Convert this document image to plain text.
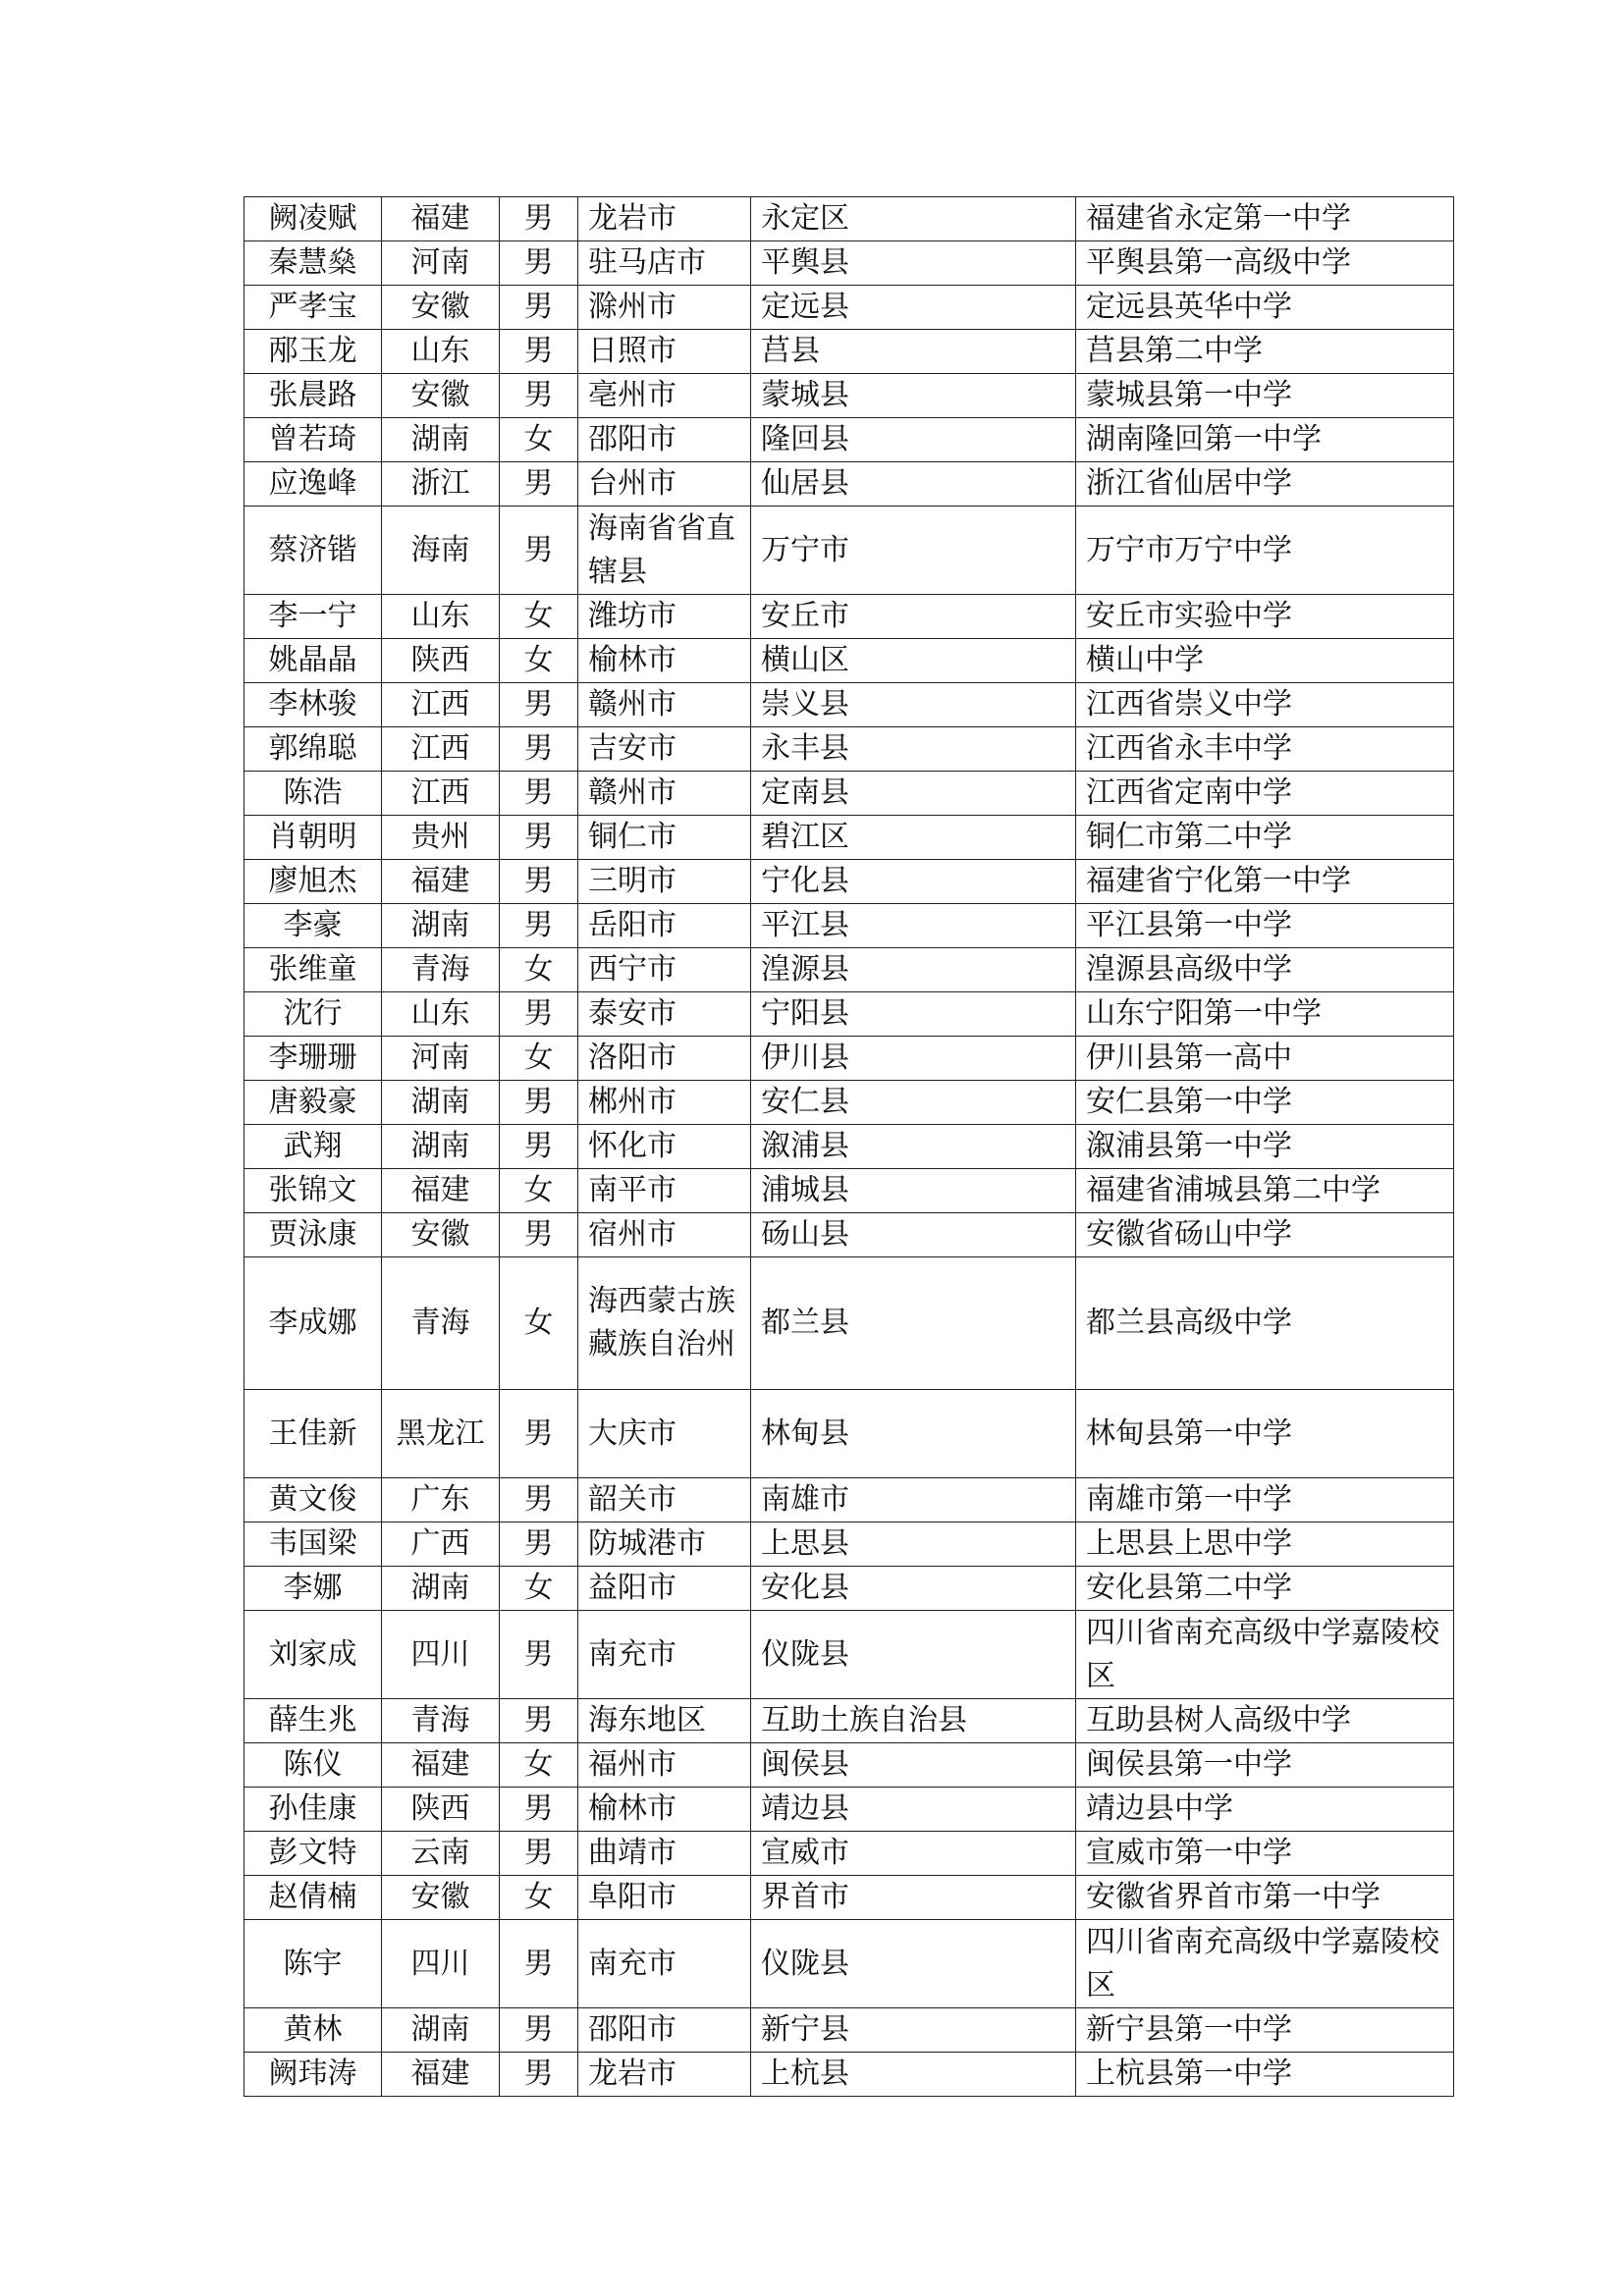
阙凌赋	福建	男	龙岩市	永定区	福建省永定第一中学
秦慧燊	河南	男	驻马店市	平舆县	平舆县第一高级中学
严孝宝	安徽	男	滁州市	定远县	定远县英华中学
邴玉龙	山东	男	日照市	莒县	莒县第二中学
张晨路	安徽	男	亳州市	蒙城县	蒙城县第一中学
曾若琦	湖南	女	邵阳市	隆回县	湖南隆回第一中学
应逸峰	浙江	男	台州市	仙居县	浙江省仙居中学
蔡济锴	海南	男	海南省省直辖县	万宁市	万宁市万宁中学
李一宁	山东	女	潍坊市	安丘市	安丘市实验中学
姚晶晶	陕西	女	榆林市	横山区	横山中学
李林骏	江西	男	赣州市	崇义县	江西省崇义中学
郭绵聪	江西	男	吉安市	永丰县	江西省永丰中学
陈浩	江西	男	赣州市	定南县	江西省定南中学
肖朝明	贵州	男	铜仁市	碧江区	铜仁市第二中学
廖旭杰	福建	男	三明市	宁化县	福建省宁化第一中学
李豪	湖南	男	岳阳市	平江县	平江县第一中学
张维童	青海	女	西宁市	湟源县	湟源县高级中学
沈行	山东	男	泰安市	宁阳县	山东宁阳第一中学
李珊珊	河南	女	洛阳市	伊川县	伊川县第一高中
唐毅豪	湖南	男	郴州市	安仁县	安仁县第一中学
武翔	湖南	男	怀化市	溆浦县	溆浦县第一中学
张锦文	福建	女	南平市	浦城县	福建省浦城县第二中学
贾泳康	安徽	男	宿州市	砀山县	安徽省砀山中学
李成娜	青海	女	海西蒙古族藏族自治州	都兰县	都兰县高级中学
王佳新	黑龙江	男	大庆市	林甸县	林甸县第一中学
黄文俊	广东	男	韶关市	南雄市	南雄市第一中学
韦国梁	广西	男	防城港市	上思县	上思县上思中学
李娜	湖南	女	益阳市	安化县	安化县第二中学
刘家成	四川	男	南充市	仪陇县	四川省南充高级中学嘉陵校区
薛生兆	青海	男	海东地区	互助土族自治县	互助县树人高级中学
陈仪	福建	女	福州市	闽侯县	闽侯县第一中学
孙佳康	陕西	男	榆林市	靖边县	靖边县中学
彭文特	云南	男	曲靖市	宣威市	宣威市第一中学
赵倩楠	安徽	女	阜阳市	界首市	安徽省界首市第一中学
陈宇	四川	男	南充市	仪陇县	四川省南充高级中学嘉陵校区
黄林	湖南	男	邵阳市	新宁县	新宁县第一中学
阙玮涛	福建	男	龙岩市	上杭县	上杭县第一中学
